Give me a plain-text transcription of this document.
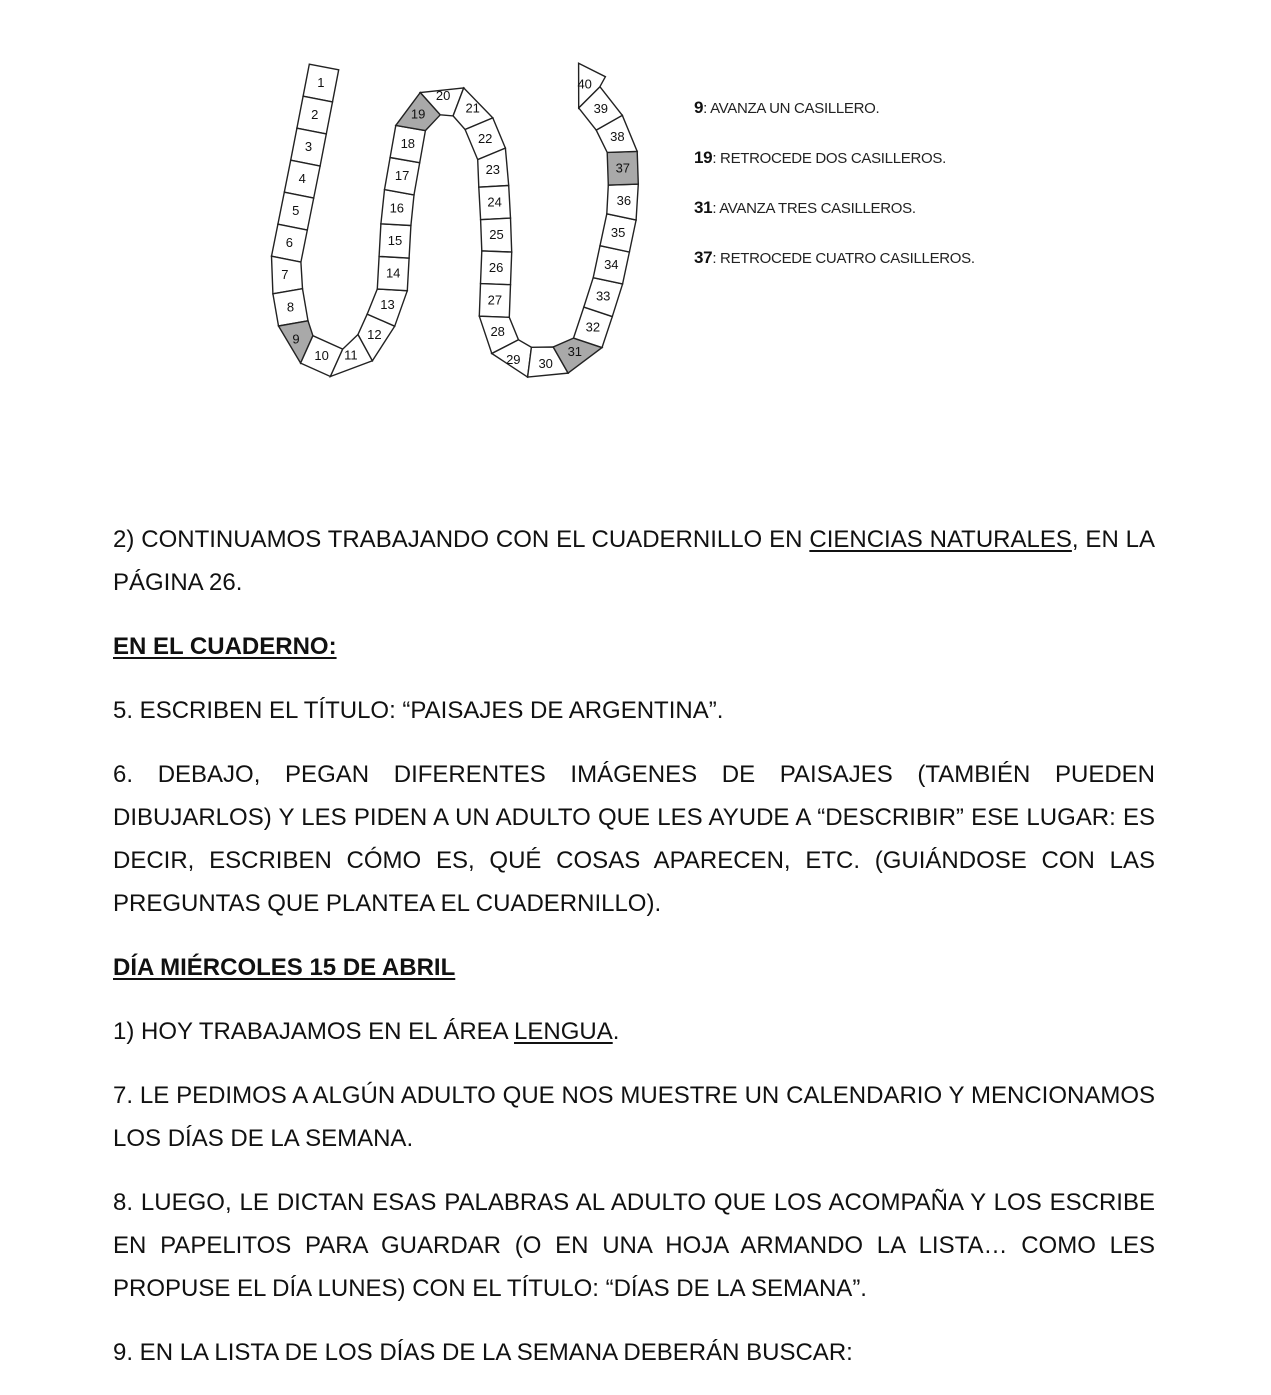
1
2
3
4
5
6
7
8
9
10 11
12
13
14
15
16
17
18
19
20
21
22
23
24
25
26
27
28
29 30
31
32
33
34
35
36
37
38
39
40
9: AVANZA UN CASILLERO.
19: RETROCEDE DOS CASILLEROS.
31: AVANZA TRES CASILLEROS.
37: RETROCEDE CUATRO CASILLEROS.

2) CONTINUAMOS TRABAJANDO CON EL CUADERNILLO EN CIENCIAS NATURALES, EN LA PÁGINA 26.

EN EL CUADERNO:

5. ESCRIBEN EL TÍTULO: “PAISAJES DE ARGENTINA”.

6. DEBAJO, PEGAN DIFERENTES IMÁGENES DE PAISAJES (TAMBIÉN PUEDEN DIBUJARLOS) Y LES PIDEN A UN ADULTO QUE LES AYUDE A “DESCRIBIR” ESE LUGAR: ES DECIR, ESCRIBEN CÓMO ES, QUÉ COSAS APARECEN, ETC. (GUIÁNDOSE CON LAS PREGUNTAS QUE PLANTEA EL CUADERNILLO).

DÍA MIÉRCOLES 15 DE ABRIL

1) HOY TRABAJAMOS EN EL ÁREA LENGUA.

7. LE PEDIMOS A ALGÚN ADULTO QUE NOS MUESTRE UN CALENDARIO Y MENCIONAMOS LOS DÍAS DE LA SEMANA.

8. LUEGO, LE DICTAN ESAS PALABRAS AL ADULTO QUE LOS ACOMPAÑA Y LOS ESCRIBE EN PAPELITOS PARA GUARDAR (O EN UNA HOJA ARMANDO LA LISTA… COMO LES PROPUSE EL DÍA LUNES) CON EL TÍTULO: “DÍAS DE LA SEMANA”.

9. EN LA LISTA DE LOS DÍAS DE LA SEMANA DEBERÁN BUSCAR:
